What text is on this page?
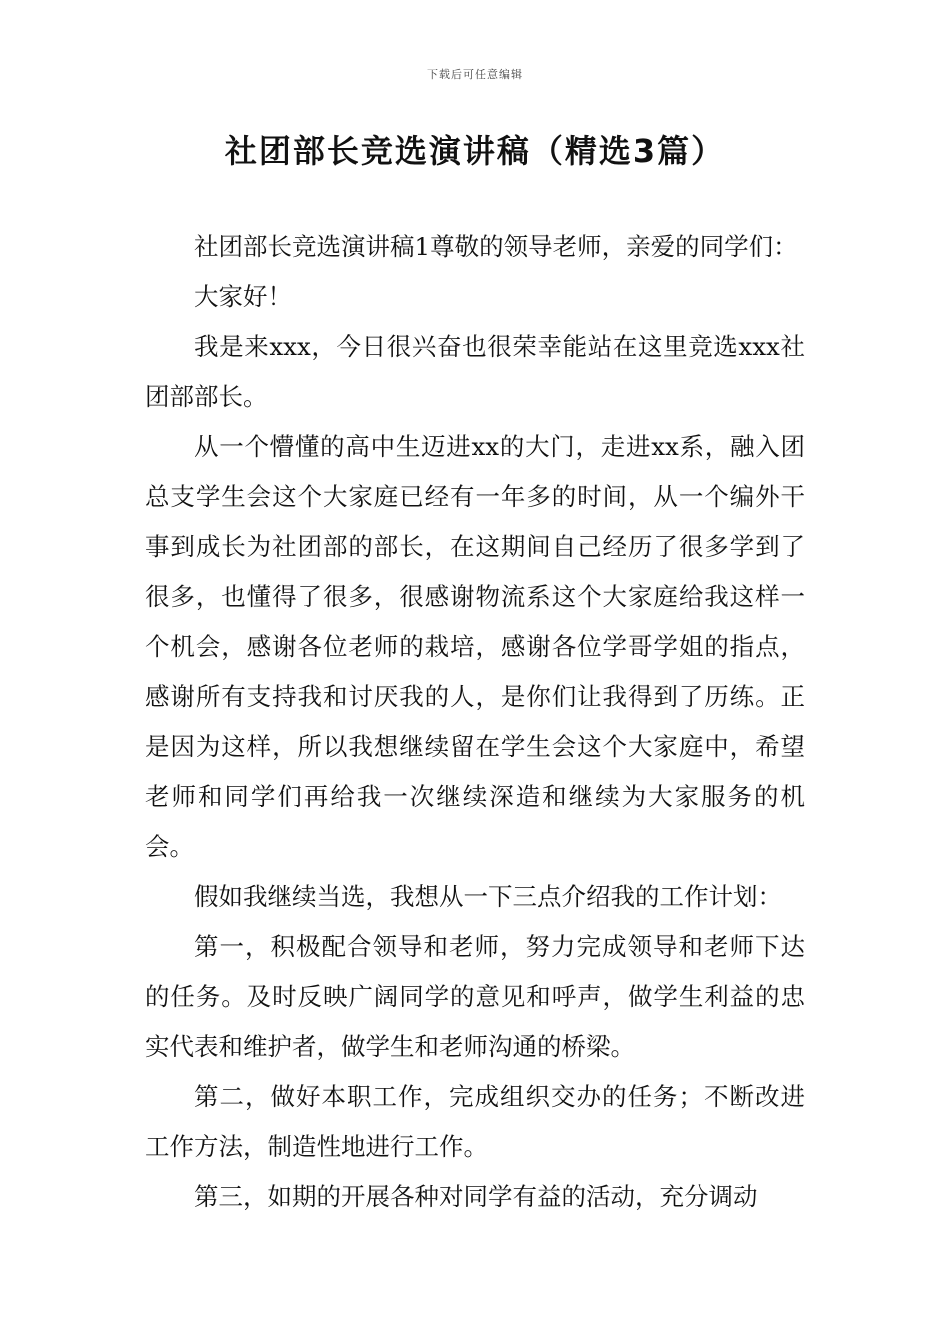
下载后可任意编辑
社团部长竞选演讲稿（精选3篇）

社团部长竞选演讲稿1尊敬的领导老师，亲爱的同学们：

大家好！

我是来xxx，今日很兴奋也很荣幸能站在这里竞选xxx社团部部长。

从一个懵懂的高中生迈进xx的大门，走进xx系，融入团总支学生会这个大家庭已经有一年多的时间，从一个编外干事到成长为社团部的部长，在这期间自己经历了很多学到了很多，也懂得了很多，很感谢物流系这个大家庭给我这样一个机会，感谢各位老师的栽培，感谢各位学哥学姐的指点，感谢所有支持我和讨厌我的人，是你们让我得到了历练。正是因为这样，所以我想继续留在学生会这个大家庭中，希望老师和同学们再给我一次继续深造和继续为大家服务的机会。

假如我继续当选，我想从一下三点介绍我的工作计划：

第一，积极配合领导和老师，努力完成领导和老师下达的任务。及时反映广阔同学的意见和呼声，做学生利益的忠实代表和维护者，做学生和老师沟通的桥梁。

第二，做好本职工作，完成组织交办的任务；不断改进工作方法，制造性地进行工作。

第三，如期的开展各种对同学有益的活动，充分调动
